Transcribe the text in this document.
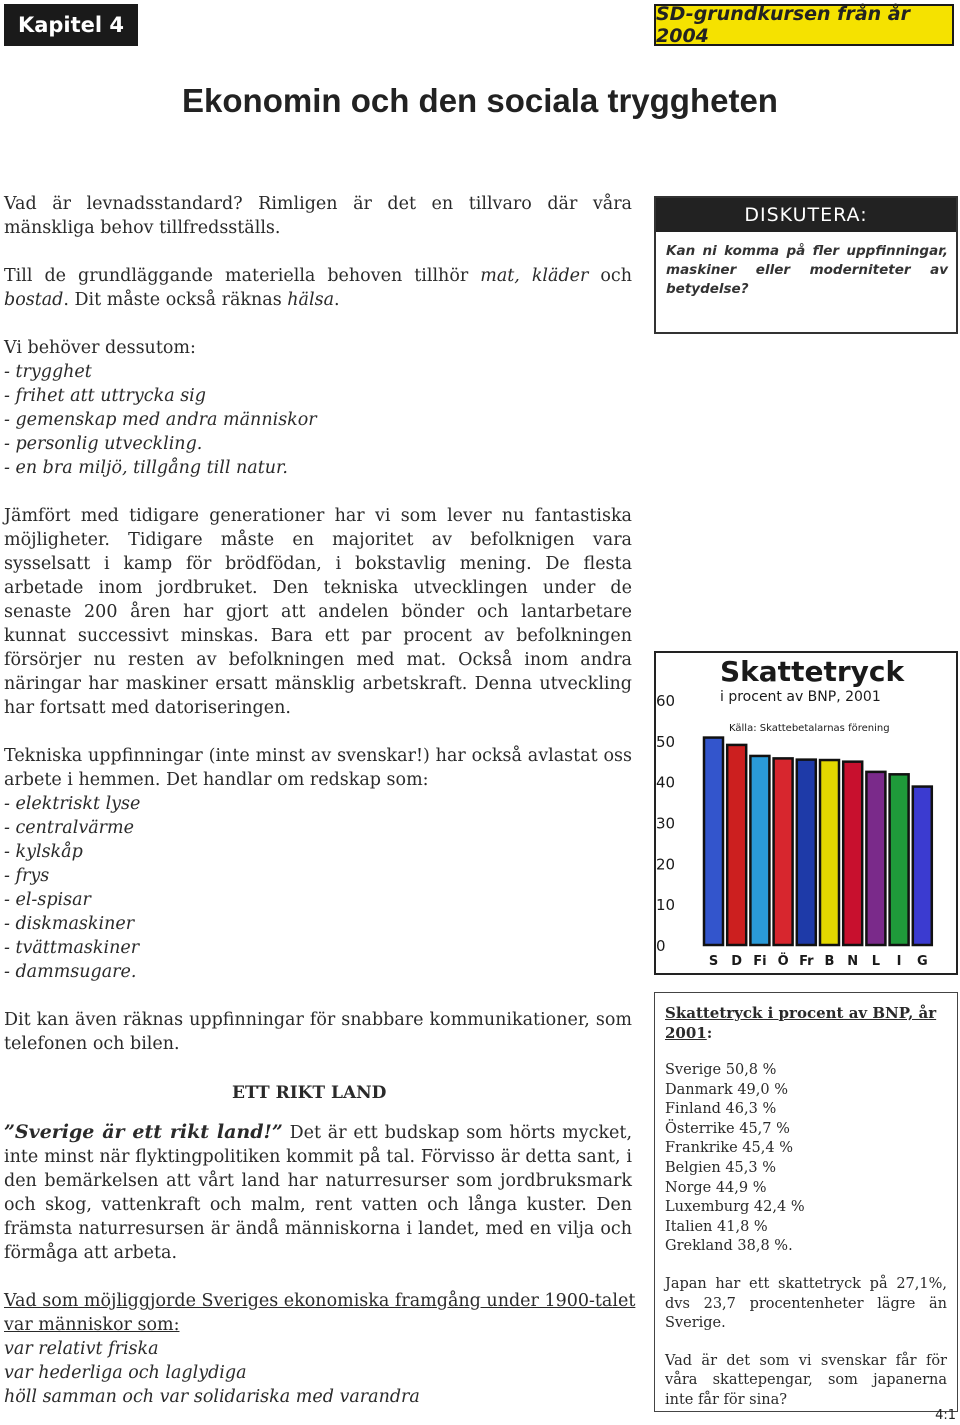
Kapitel 4	SD-grundkursen från år 2004
Ekonomin och den sociala tryggheten

Vad är levnadsstandard? Rimligen är det en tillvaro där våra mänskliga behov tillfredsställs.

Till de grundläggande materiella behoven tillhör mat, kläder och bostad. Dit måste också räknas hälsa.

Vi behöver dessutom:

- trygghet
- frihet att uttrycka sig
- gemenskap med andra människor
- personlig utveckling.
- en bra miljö, tillgång till natur.

Jämfört med tidigare generationer har vi som lever nu fantastiska möjligheter. Tidigare måste en majoritet av befolknigen vara sysselsatt i kamp för brödfödan, i bokstavlig mening. De flesta arbetade inom jordbruket. Den tekniska utvecklingen under de senaste 200 åren har gjort att andelen bönder och lantarbetare kunnat successivt minskas. Bara ett par procent av befolkningen försörjer nu resten av befolkningen med mat. Också inom andra näringar har maskiner ersatt mänsklig arbetskraft. Denna utveckling har fortsatt med datoriseringen.

Tekniska uppfinningar (inte minst av svenskar!) har också avlastat oss arbete i hemmen. Det handlar om redskap som:

- elektriskt lyse
- centralvärme
- kylskåp
- frys
- el-spisar
- diskmaskiner
- tvättmaskiner
- dammsugare.

Dit kan även räknas uppfinningar för snabbare kommunikationer, som telefonen och bilen.

ETT RIKT LAND

”Sverige är ett rikt land!” Det är ett budskap som hörts mycket, inte minst när flyktingpolitiken kommit på tal. Förvisso är detta sant, i den bemärkelsen att vårt land har naturresurser som jordbruksmark och skog, vattenkraft och malm, rent vatten och långa kuster. Den främsta naturresursen är ändå människorna i landet, med en vilja och förmåga att arbeta.

Vad som möjliggjorde Sveriges ekonomiska framgång under 1900-talet var människor som:

var relativt friska
var hederliga och laglydiga
höll samman och var solidariska med varandra
DISKUTERA:
Kan ni komma på fler uppfinningar, maskiner eller moderniteter av betydelse?
Skattetryck
i procent av BNP, 2001
Källa: Skattebetalarnas förening
0
10
20
30
40
50
60
S D Fi Ö Fr B N L I G

Skattetryck i procent av BNP, år 2001:

Sverige 50,8 %
Danmark 49,0 %
Finland 46,3 %
Österrike 45,7 %
Frankrike 45,4 %
Belgien 45,3 %
Norge 44,9 %
Luxemburg 42,4 %
Italien 41,8 %
Grekland 38,8 %.

Japan har ett skattetryck på 27,1%, dvs 23,7 procentenheter lägre än Sverige.

Vad är det som vi svenskar får för våra skattepengar, som japanerna inte får för sina?

4:1
